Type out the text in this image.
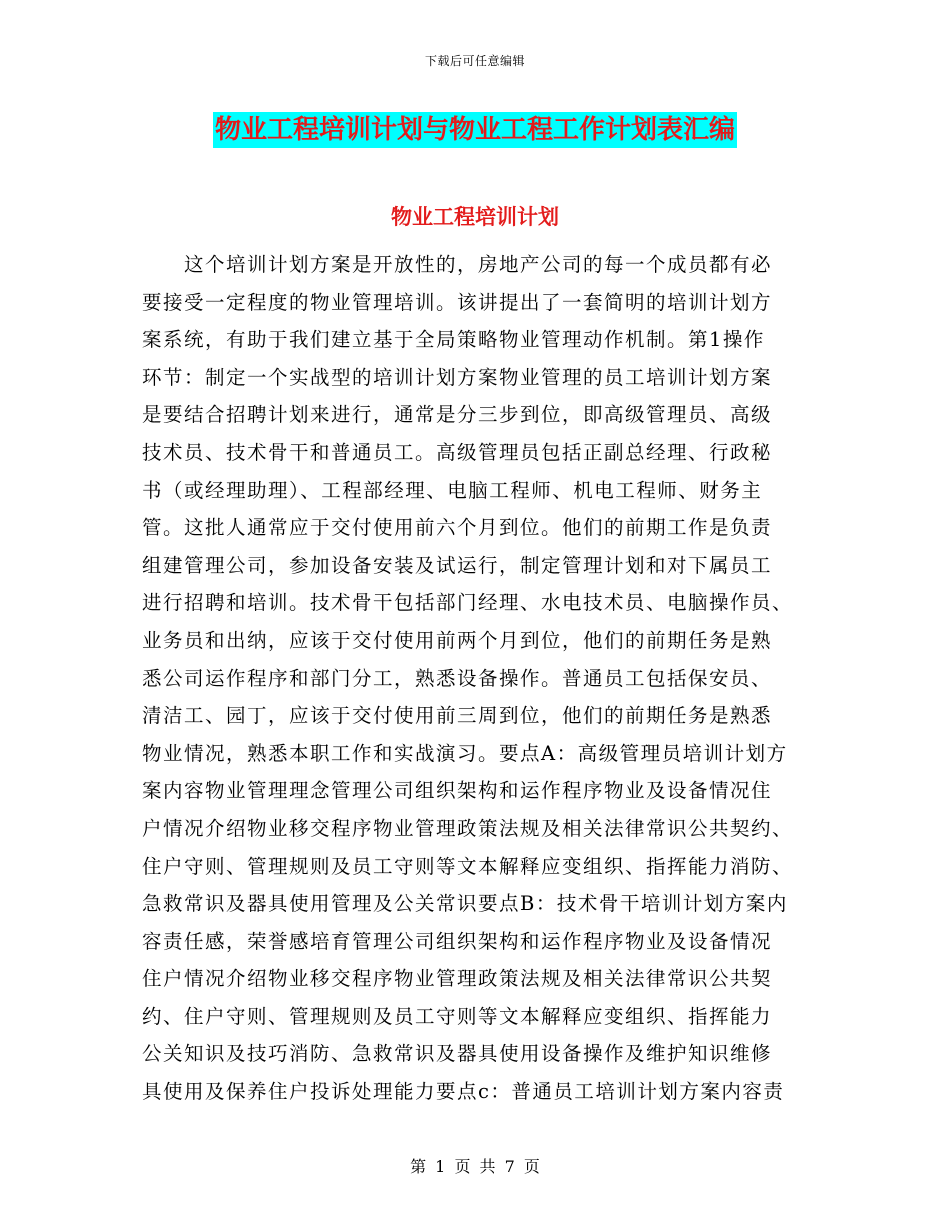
下载后可任意编辑
物业工程培训计划与物业工程工作计划表汇编
物业工程培训计划
　　这个培训计划方案是开放性的，房地产公司的每一个成员都有必
要接受一定程度的物业管理培训。该讲提出了一套简明的培训计划方
案系统，有助于我们建立基于全局策略物业管理动作机制。第1操作
环节：制定一个实战型的培训计划方案物业管理的员工培训计划方案
是要结合招聘计划来进行，通常是分三步到位，即高级管理员、高级
技术员、技术骨干和普通员工。高级管理员包括正副总经理、行政秘
书（或经理助理）、工程部经理、电脑工程师、机电工程师、财务主
管。这批人通常应于交付使用前六个月到位。他们的前期工作是负责
组建管理公司，参加设备安装及试运行，制定管理计划和对下属员工
进行招聘和培训。技术骨干包括部门经理、水电技术员、电脑操作员、
业务员和出纳，应该于交付使用前两个月到位，他们的前期任务是熟
悉公司运作程序和部门分工，熟悉设备操作。普通员工包括保安员、
清洁工、园丁，应该于交付使用前三周到位，他们的前期任务是熟悉
物业情况，熟悉本职工作和实战演习。要点A：高级管理员培训计划方
案内容物业管理理念管理公司组织架构和运作程序物业及设备情况住
户情况介绍物业移交程序物业管理政策法规及相关法律常识公共契约、
住户守则、管理规则及员工守则等文本解释应变组织、指挥能力消防、
急救常识及器具使用管理及公关常识要点B：技术骨干培训计划方案内
容责任感，荣誉感培育管理公司组织架构和运作程序物业及设备情况
住户情况介绍物业移交程序物业管理政策法规及相关法律常识公共契
约、住户守则、管理规则及员工守则等文本解释应变组织、指挥能力
公关知识及技巧消防、急救常识及器具使用设备操作及维护知识维修
具使用及保养住户投诉处理能力要点c：普通员工培训计划方案内容责
第 1 页 共 7 页
